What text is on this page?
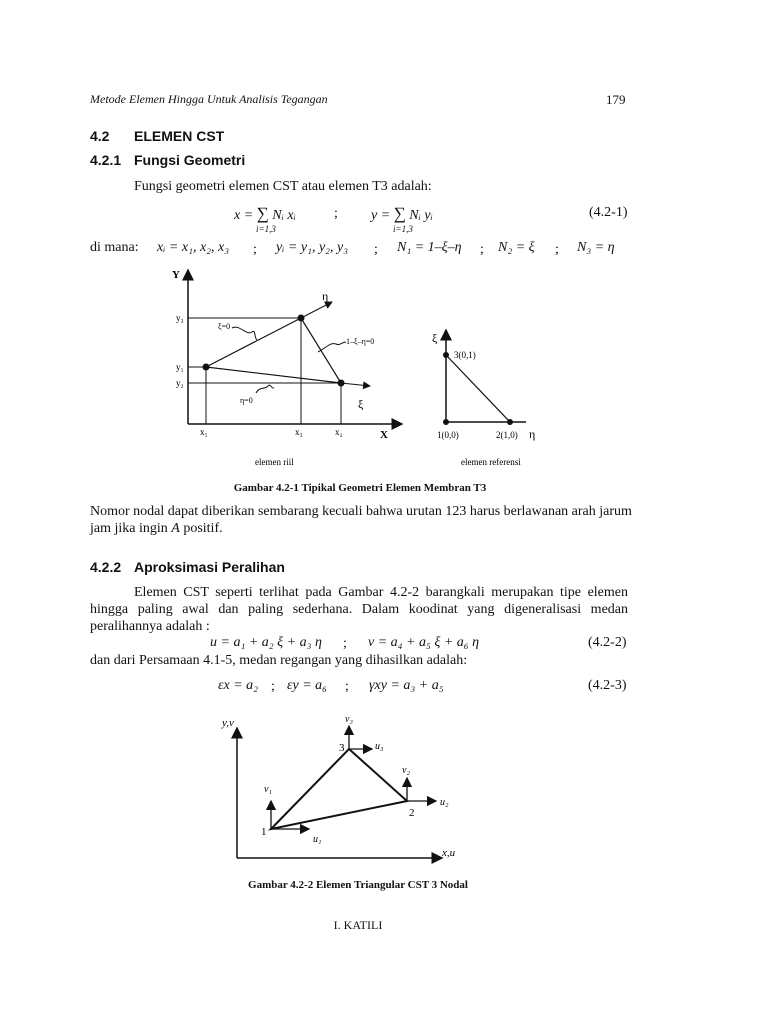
Metode Elemen Hingga Untuk Analisis Tegangan	179
4.2 ELEMEN CST
4.2.1 Fungsi Geometri
Fungsi geometri elemen CST atau elemen T3 adalah:
x = ∑ Nᵢ xᵢ
i=1,3
; y = ∑ Nᵢ yᵢ
i=1,3
(4.2-1)
di mana: xᵢ = x₁, x₂, x₃ ; yᵢ = y₁, y₂, y₃ ; N₁ = 1–ξ–η ; N₂ = ξ ; N₃ = η
Y
X
η
ξ
y₃
y₁
y₂
x₁	x₃	x₂
ξ=0
η=0
1–ξ–η=0	ξ
η
3(0,1)
1(0,0)	2(1,0)
elemen riil	elemen referensi
Gambar 4.2-1 Tipikal Geometri Elemen Membran T3
Nomor nodal dapat diberikan sembarang kecuali bahwa urutan 123 harus berlawanan arah jarum
jam jika ingin A positif.
4.2.2 Aproksimasi Peralihan
Elemen CST seperti terlihat pada Gambar 4.2-2 barangkali merupakan tipe elemen hingga paling awal dan paling sederhana. Dalam koodinat yang digeneralisasi medan peralihannya adalah :
u = a₁ + a₂ ξ + a₃ η ; v = a₄ + a₅ ξ + a₆ η	(4.2-2)
dan dari Persamaan 4.1-5, medan regangan yang dihasilkan adalah:
εx = a₂ ; εy = a₆ ; γxy = a₃ + a₅	(4.2-3)
y,v
x,u
v₃
u₃
3
v₂
u₂
2
v₁
u₁
1
Gambar 4.2-2 Elemen Triangular CST 3 Nodal
I. KATILI
